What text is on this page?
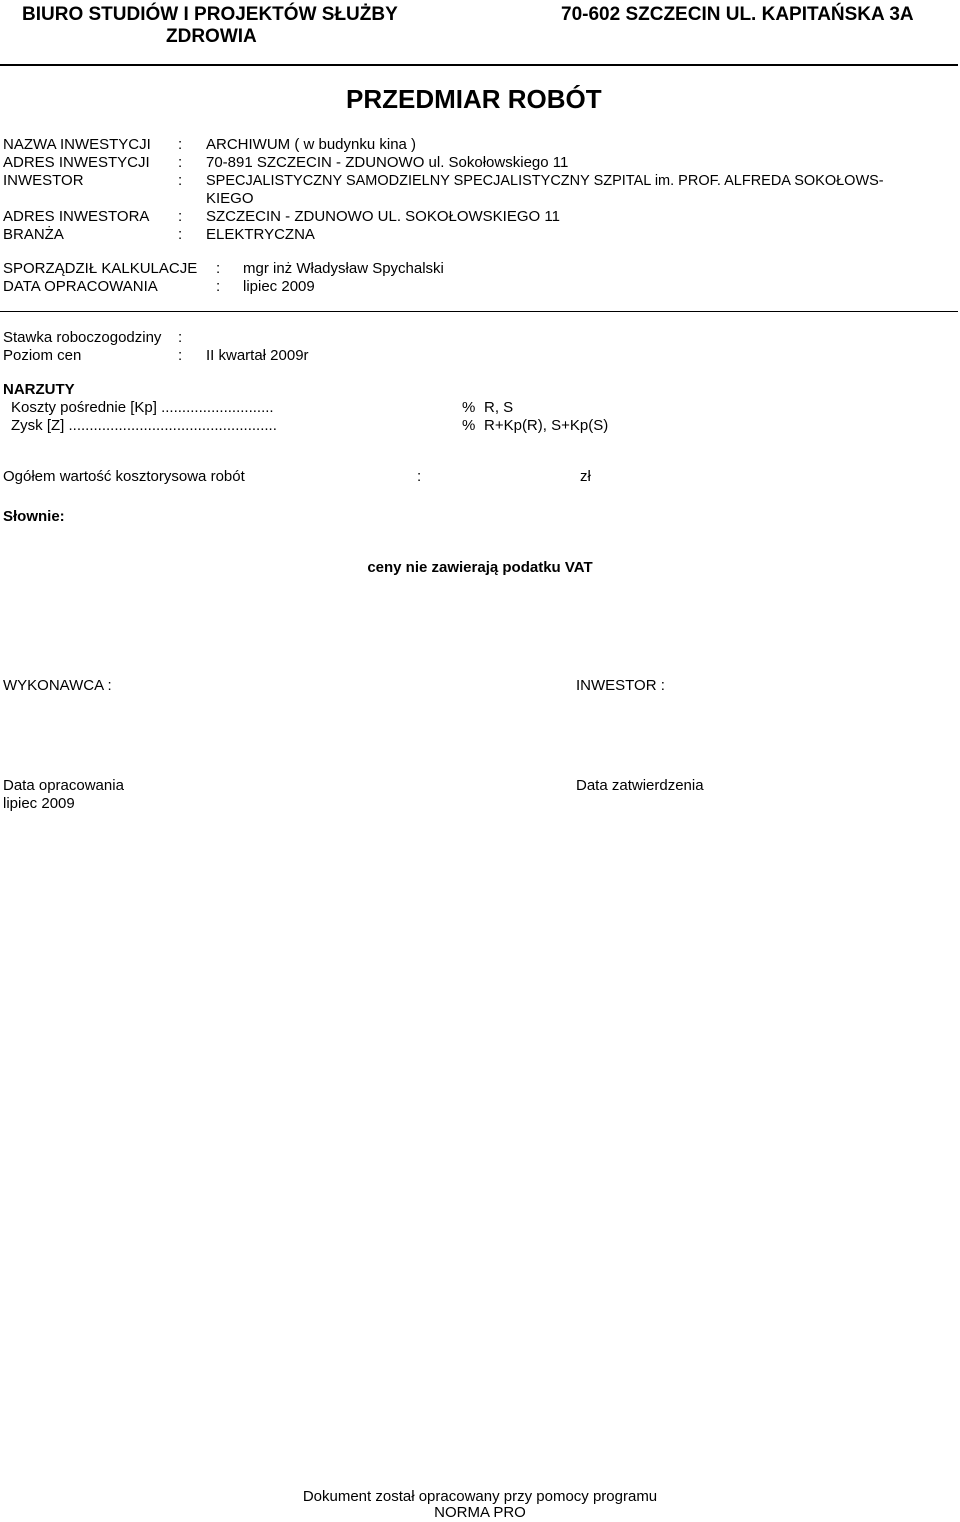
BIURO STUDIÓW I PROJEKTÓW SŁUŻBY
ZDROWIA
70-602 SZCZECIN UL. KAPITAŃSKA 3A
PRZEDMIAR ROBÓT
NAZWA INWESTYCJI : ARCHIWUM ( w budynku kina )
ADRES INWESTYCJI : 70-891 SZCZECIN - ZDUNOWO ul. Sokołowskiego 11
INWESTOR	: SPECJALISTYCZNY SAMODZIELNY SPECJALISTYCZNY SZPITAL im. PROF. ALFREDA SOKOŁOWS-
KIEGO
ADRES INWESTORA : SZCZECIN - ZDUNOWO UL. SOKOŁOWSKIEGO 11
BRANŻA	: ELEKTRYCZNA
SPORZĄDZIŁ KALKULACJE : mgr inż Władysław Spychalski
DATA OPRACOWANIA	: lipiec 2009
Stawka roboczogodziny :
Poziom cen	: II kwartał 2009r
NARZUTY
Koszty pośrednie [Kp] ...........................	% R, S
Zysk [Z] ..................................................	% R+Kp(R), S+Kp(S)
Ogółem wartość kosztorysowa robót	:	zł
Słownie:
ceny nie zawierają podatku VAT
WYKONAWCA :	INWESTOR :
Data opracowania
lipiec 2009
Data zatwierdzenia
Dokument został opracowany przy pomocy programu
NORMA PRO
